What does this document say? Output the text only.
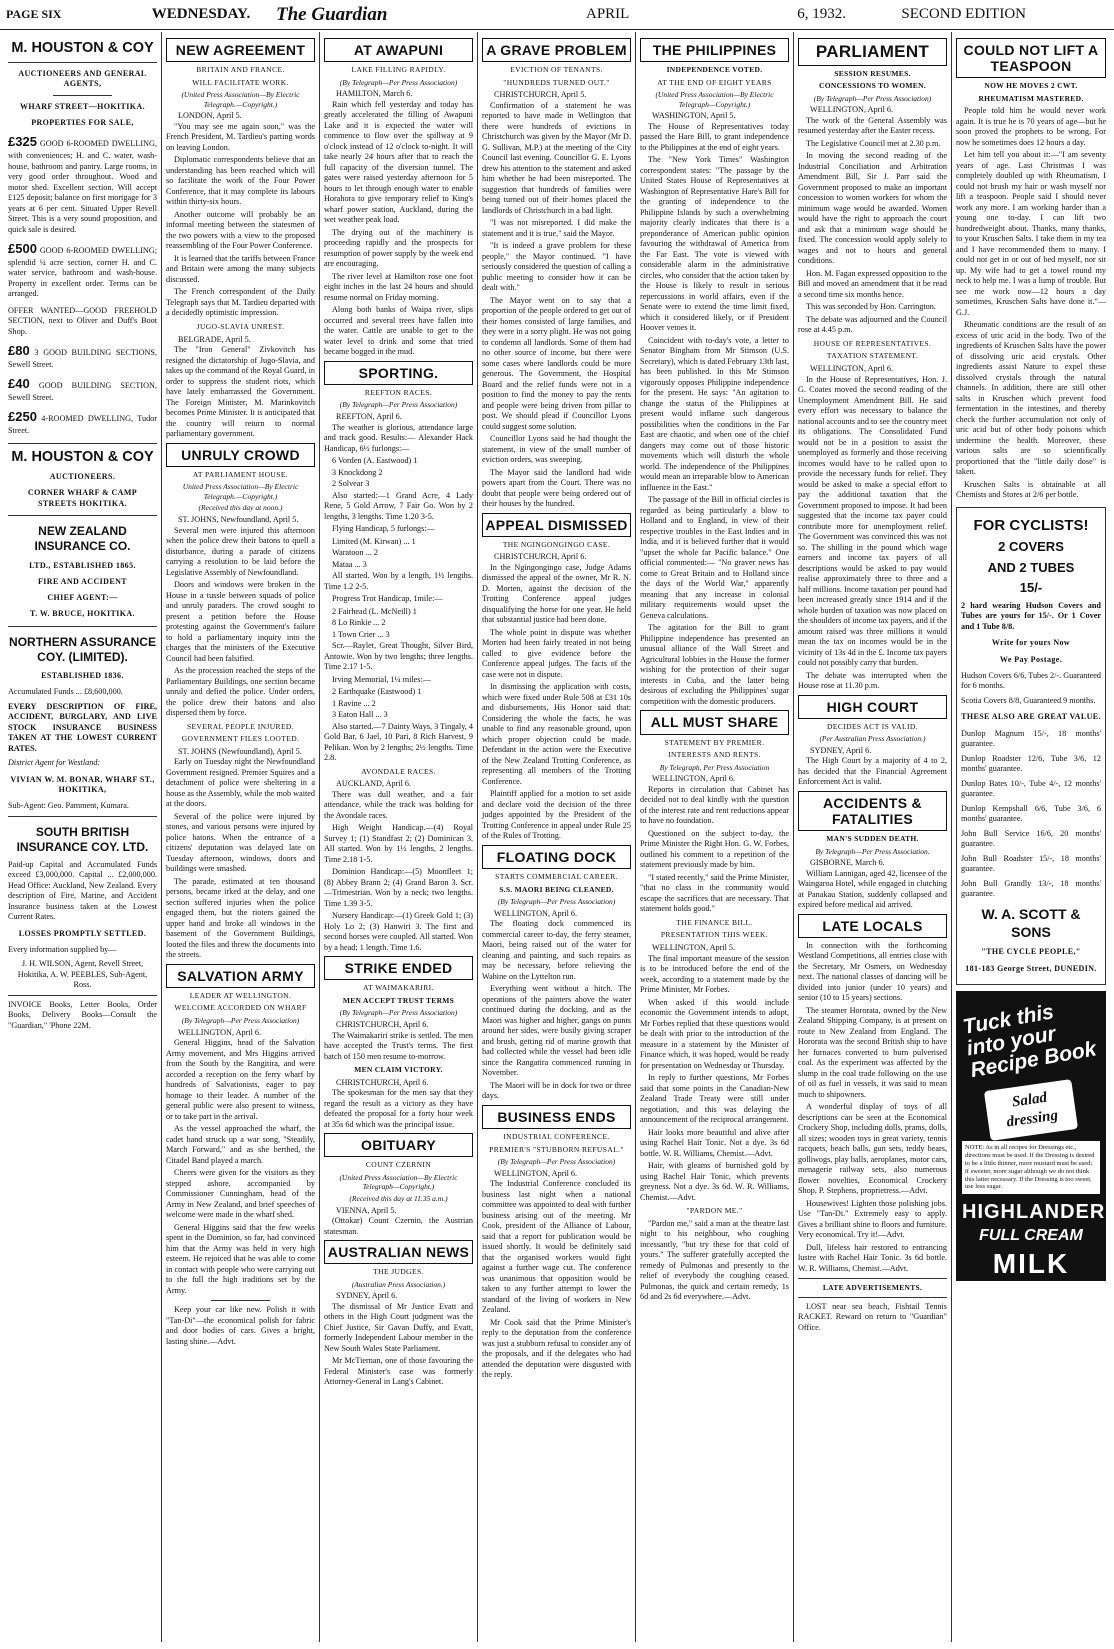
PAGE SIX	WEDNESDAY.	The Guardian	APRIL	6, 1932.	SECOND EDITION
M. HOUSTON & COY
AUCTIONEERS AND GENERAL AGENTS,
WHARF STREET—HOKITIKA.
PROPERTIES FOR SALE,
£325 GOOD 6-ROOMED DWELLING, with conveniences; H. and C. water, wash-house, bathroom and pantry. Large rooms, in very good order throughout. Wood and motor shed. Excellent section. Will accept £125 deposit; balance on first mortgage for 3 years at 6 per cent. Situated Upper Revell Street. This is a very sound proposition, and quick sale is desired.
£500 GOOD 6-ROOMED DWELLING; splendid ¼ acre section, corner H. and C. water service, bathroom and wash-house. Property in excellent order. Terms can be arranged.
OFFER WANTED—GOOD FREEHOLD SECTION, next to Oliver and Duff's Boot Shop.
£80 3 GOOD BUILDING SECTIONS, Sewell Street.
£40 GOOD BUILDING SECTION, Sewell Street.
£250 4-ROOMED DWELLING, Tudor Street.
M. HOUSTON & COY
AUCTIONEERS.
CORNER WHARF & CAMP STREETS HOKITIKA.
NEW ZEALAND INSURANCE CO.
LTD., ESTABLISHED 1865.
FIRE AND ACCIDENT
CHIEF AGENT:—
T. W. BRUCE, HOKITIKA.
NORTHERN ASSURANCE COY. (LIMITED).
ESTABLISHED 1836.
Accumulated Funds ... £8,600,000.
EVERY DESCRIPTION OF FIRE, ACCIDENT, BURGLARY, AND LIVE STOCK INSURANCE BUSINESS TAKEN AT THE LOWEST CURRENT RATES.
District Agent for Westland:
VIVIAN W. M. BONAR, WHARF ST., HOKITIKA,
Sub-Agent: Geo. Pamment, Kumara.
SOUTH BRITISH INSURANCE COY. LTD.
Paid-up Capital and Accumulated Funds exceed £3,000,000. Capital ... £2,000,000. Head Office: Auckland, New Zealand. Every description of Fire, Marine, and Accident Insurance business taken at the Lowest Current Rates.
LOSSES PROMPTLY SETTLED.
Every information supplied by—
J. H. WILSON, Agent, Revell Street, Hokitika, A. W. PEEBLES, Sub-Agent, Ross.
INVOICE Books, Letter Books, Order Books, Delivery Books—Consult the "Guardian," 'Phone 22M.
NEW AGREEMENT
BRITAIN AND FRANCE.
WILL FACILITATE WORK.
(United Press Association—By Electric Telegraph.—Copyright.)
LONDON, April 5.

"You may see me again soon," was the French President, M. Tardieu's parting words on leaving London.

Diplomatic correspondents believe that an understanding has been reached which will so facilitate the work of the Four Power Conference, that it may complete its labours within thirty-six hours.

Another outcome will probably be an informal meeting between the statesmen of the two powers with a view to the proposed reassembling of the Four Power Conference.

It is learned that the tariffs between France and Britain were among the many subjects discussed.

The French correspondent of the Daily Telegraph says that M. Tardieu departed with a decidedly optimistic impression.

JUGO-SLAVIA UNREST.
BELGRADE, April 5.

The "Iron General" Zivkovitch has resigned the dictatorship of Jugo-Slavia, and takes up the command of the Royal Guard, in order to suppress the student riots, which have lately embarrassed the Government. The Foreign Minister, M. Marinkovitch becomes Prime Minister. It is anticipated that the country will return to normal parliamentary government.

UNRULY CROWD
AT PARLIAMENT HOUSE.
United Press Association—By Electric Telegraph.—Copyright.)
(Received this day at noon.)
ST. JOHNS, Newfoundland, April 5.

Several men were injured this afternoon when the police drew their batons to quell a disturbance, during a parade of citizens carrying a resolution to be laid before the Legislative Assembly of Newfoundland.

Doors and windows were broken in the House in a tussle between squads of police and unruly paraders. The crowd sought to present a petition before the House protesting against the Government's failure to hold a parliamentary inquiry into the charges that the ministers of the Executive Council had been falsified.

As the procession reached the steps of the Parliamentary Buildings, one section became unruly and defied the police. Under orders, the police drew their batons and also dispersed them by force.

SEVERAL PEOPLE INJURED.
GOVERNMENT FILES LOOTED.
ST. JOHNS (Newfoundland), April 5.

Early on Tuesday night the Newfoundland Government resigned. Premier Squires and a detachment of police were sheltering in a house as the Assembly, while the mob waited at the doors.

Several of the police were injured by stones, and various persons were injured by police batons. When the entrance of a citizens' deputation was delayed late on Tuesday afternoon, windows, doors and buildings were smashed.

The parade, estimated at ten thousand persons, became irked at the delay, and one section suffered injuries when the police engaged them, but the rioters gained the upper hand and broke all windows in the basement of the Government Buildings, looted the files and threw the documents into the streets.

SALVATION ARMY
LEADER AT WELLINGTON.
WELCOME ACCORDED ON WHARF
(By Telegraph—Per Press Association)
WELLINGTON, April 6.

General Higgins, head of the Salvation Army movement, and Mrs Higgins arrived from the South by the Rangitira, and were accorded a reception on the ferry wharf by hundreds of Salvationists, eager to pay homage to their leader. A number of the general public were also present to witness, or to take part in the arrival.

As the vessel approached the wharf, the cadet band struck up a war song, "Steadily, March Forward," and as she berthed, the Citadel Band played a march.

Cheers were given for the visitors as they stepped ashore, accompanied by Commissioner Cunningham, head of the Army in New Zealand, and brief speeches of welcome were made in the wharf shed.

General Higgins said that the few weeks spent in the Dominion, so far, had convinced him that the Army was held in very high esteem. He rejoiced that he was able to come in contact with people who were carrying out to the full the high traditions set by the Army.

Keep your car like new. Polish it with "Tan-Di"—the economical polish for fabric and door bodies of cars. Gives a bright, lasting shine.—Advt.

AT AWAPUNI
LAKE FILLING RAPIDLY.
(By Telegraph—Per Press Association)
HAMILTON, March 6.

Rain which fell yesterday and today has greatly accelerated the filling of Awapuni Lake and it is expected the water will commence to flow over the spillway at 9 o'clock instead of 12 o'clock to-night. It will take nearly 24 hours after that to reach the full capacity of the diversion tunnel. The gates were raised yesterday afternoon for 5 hours to let through enough water to enable Horahora to give temporary relief to King's wharf power station, Auckland, during the wet weather peak load.

The drying out of the machinery is proceeding rapidly and the prospects for resumption of power supply by the week end are encouraging.

The river level at Hamilton rose one foot eight inches in the last 24 hours and should resume normal on Friday morning.

Along both banks of Waipa river, slips occurred and several trees have fallen into the water. Cattle are unable to get to the water level to drink and some that tried became bogged in the mud.

SPORTING.
REEFTON RACES.
(By Telegraph—Per Press Association)
REEFTON, April 6.

The weather is glorious, attendance large and track good. Results:— Alexander Hack Handicap, 6½ furlongs:—

6 Vorden (A. Eastwood) 1
3 Knockdong 2
2 Solvear 3

Also started:—1 Grand Acre, 4 Lady Rene, 5 Gold Arrow, 7 Fair Go. Won by 2 lengths, 3 lengths. Time 1.20 3-5.

Flying Handicap, 5 furlongs:—

Limited (M. Kirwan) ... 1
Waratoon ... 2
Mataa ... 3

All started. Won by a length, 1½ lengths. Time 1.2 2-5.

Progress Trot Handicap, 1mile:—

2 Fairhead (L. McNeill) 1
8 Lo Rinkie ... 2
1 Town Crier ... 3

Scr.—Raylet, Great Thought, Silver Bird, Antowie. Won by two lengths; three lengths. Time 2.17 1-5.

Irving Memorial, 1¼ miles:—

2 Earthquake (Eastwood) 1
1 Ravine ... 2
3 Eaton Hall ... 3

Also started.—7 Dainty Ways, 3 Tingaly, 4 Gold Bar, 6 Jael, 10 Pari, 8 Rich Harvest, 9 Pelikan. Won by 2 lengths; 2½ lengths. Time 2.8.

AVONDALE RACES.
AUCKLAND, April 6.

There was dull weather, and a fair attendance, while the track was holding for the Avondale races.

High Weight Handicap.—(4) Royal Survey 1; (1) Standfast 2; (2) Dominican 3. All started. Won by 1½ lengths, 2 lengths. Time 2.18 1-5.

Dominion Handicap:—(5) Moonfleet 1; (8) Abbey Brann 2; (4) Grand Baron 3. Scr.—Trimestrian. Won by a neck; two lengths. Time 1.39 3-5.

Nursery Handicap:—(1) Greek Gold 1; (3) Holy Lo 2; (3) Hanwiri 3. The first and second horses were coupled. All started. Won by a head; 1 length. Time 1.6.

STRIKE ENDED
AT WAIMAKARIRI.
MEN ACCEPT TRUST TERMS
(By Telegraph—Per Press Association)
CHRISTCHURCH, April 6.

The Waimakariri strike is settled. The men have accepted the Trust's terms. The first batch of 150 men resume to-morrow.

MEN CLAIM VICTORY.
CHRISTCHURCH, April 6.

The spokesman for the men say that they regard the result as a victory as they have defeated the proposal for a forty hour week at 35s 6d which was the principal issue.

OBITUARY
COUNT CZERNIN
(United Press Association—By Electric Telegraph—Copyright.)
(Received this day at 11.35 a.m.)
VIENNA, April 5.

(Ottokar) Count Czernin, the Austrian statesman.

AUSTRALIAN NEWS
THE JUDGES.
(Australian Press Association.)
SYDNEY, April 6.

The dismissal of Mr Justice Evatt and others in the High Court judgment was the Chief Justice, Sir Gavan Duffy, and Evatt, formerly Independent Labour member in the New South Wales State Parliament.

Mr McTiernan, one of those favouring the Federal Minister's case was formerly Attorney-General in Lang's Cabinet.

A GRAVE PROBLEM
EVICTION OF TENANTS.
"HUNDREDS TURNED OUT."
CHRISTCHURCH, April 5.

Confirmation of a statement he was reported to have made in Wellington that there were hundreds of evictions in Christchurch was given by the Mayor (Mr D. G. Sullivan, M.P.) at the meeting of the City Council last evening. Councillor G. E. Lyons drew his attention to the statement and asked him whether he had been misreported. The suggestion that hundreds of families were being turned out of their homes placed the landlords of Christchurch in a bad light.

"I was not misreported. I did make the statement and it is true," said the Mayor.

"It is indeed a grave problem for these people," the Mayor continued. "I have seriously considered the question of calling a public meeting to consider how it can be dealt with."

The Mayor went on to say that a proportion of the people ordered to get out of their homes consisted of large families, and they were in a sorry plight. He was not going to condemn all landlords. Some of them had no other source of income, but there were some cases where landlords could be more generous. The Government, the Hospital Board and the relief funds were not in a position to find the money to pay the rents and people were being driven from pillar to post. We should plead if Councillor Lyons could suggest some solution.

Councillor Lyons said he had thought the statement, in view of the small number of eviction orders, was sweeping.

The Mayor said the landlord had wide powers apart from the Court. There was no doubt that people were being ordered out of their houses by the hundred.

APPEAL DISMISSED
THE NGINGONGINGO CASE.
CHRISTCHURCH, April 6.

In the Ngingongingo case, Judge Adams dismissed the appeal of the owner, Mr R. N. D. Morten, against the decision of the Trotting Conference appeal judges disqualifying the horse for one year. He held that substantial justice had been done.

The whole point in dispute was whether Morten had been fairly treated in not being called to give evidence before the Conference appeal judges. The facts of the case were not in dispute.

In dismissing the application with costs, which were fixed under Rule 508 at £31 10s and disbursements, His Honor said that: Considering the whole the facts, he was unable to find any reasonable ground, upon which proper objection could be made. Defendant in the action were the Executive of the New Zealand Trotting Conference, as representing all members of the Trotting Conference.

Plaintiff applied for a motion to set aside and declare void the decision of the three judges appointed by the President of the Trotting Conference in appeal under Rule 25 of the Rules of Trotting.

FLOATING DOCK
STARTS COMMERCIAL CAREER.
S.S. MAORI BEING CLEANED.
(By Telegraph—Per Press Association)
WELLINGTON, April 6.

The floating dock commenced its commercial career to-day, the ferry steamer, Maori, being raised out of the water for cleaning and painting, and such repairs as may be necessary, before relieving the Wahine on the Lyttelton run.

Everything went without a hitch. The operations of the painters above the water continued during the docking, and as the Maori was higher and higher, gangs on punts around her sides, were busily giving scraper and brush, getting rid of marine growth that had collected while the vessel had been idle since the Rangatira commenced running in November.

The Maori will be in dock for two or three days.

BUSINESS ENDS
INDUSTRIAL CONFERENCE.
PREMIER'S "STUBBORN REFUSAL."
(By Telegraph—Per Press Association)
WELLINGTON, April 6.

The Industrial Conference concluded its business last night when a national committee was appointed to deal with further business arising out of the meeting. Mr Cook, president of the Alliance of Labour, said that a report for publication would be issued shortly. It would be definitely said that the organised workers would fight against a further wage cut. The conference was unanimous that opposition would be taken to any further attempt to lower the standard of the living of workers in New Zealand.

Mr Cook said that the Prime Minister's reply to the deputation from the conference was just a stubborn refusal to consider any of the proposals, and if the delegates who had attended the deputation were disgusted with the reply.

THE PHILIPPINES
INDEPENDENCE VOTED.
AT THE END OF EIGHT YEARS
(United Press Association—By Electric Telegraph—Copyright.)
WASHINGTON, April 5.

The House of Representatives today passed the Hare Bill, to grant independence to the Philippines at the end of eight years.

The "New York Times" Washington correspondent states: "The passage by the United States House of Representatives at Washington of Representative Hare's Bill for the granting of independence to the Philippine Islands by such a overwhelming majority clearly indicates that there is a preponderance of American public opinion favouring the withdrawal of America from the Far East. The vote is viewed with considerable alarm in the administrative circles, who consider that the action taken by the House is likely to result in serious repercussions in world affairs, even if the Senate were to extend the time limit fixed, which it considered likely, or if President Hoover vetoes it.

Coincident with to-day's vote, a letter to Senator Bingham from Mr Stimson (U.S. Secretary), which is dated February 13th last, has been published. In this Mr Stimson vigorously opposes Philippine independence for the present. He says: "An agitation to change the status of the Philippines at present would inflame such dangerous possibilities when the conditions in the Far East are chaotic, and when one of the chief dangers may come out of those historic movements which will disturb the whole world. The independence of the Philippines would mean an irreparable blow to American influence in the East."

The passage of the Bill in official circles is regarded as being particularly a blow to Holland and to England, in view of their respective troubles in the East Indies and in India, and it is believed further that it would "upset the whole far Pacific balance." One official commented:— "No graver news has come to Great Britain and to Holland since the days of the World War," apparently meaning that any increase in colonial military requirements would upset the Geneva calculations.

The agitation for the Bill to grant Philippine independence has presented an unusual alliance of the Wall Street and Agricultural lobbies in the House the former wishing for the protection of their sugar interests in Cuba, and the latter being desirous of excluding the Philippines' sugar competition with the domestic producers.

ALL MUST SHARE
STATEMENT BY PREMIER.
INTERESTS AND RENTS.
By Telegraph, Per Press Association
WELLINGTON, April 6.

Reports in circulation that Cabinet has decided not to deal kindly with the question of the interest rate and rent reductions appear to have no foundation.

Questioned on the subject to-day, the Prime Minister the Right Hon. G. W. Forbes, outlined his comment to a repetition of the statement previously made by him.

"I stated recently," said the Prime Minister, "that no class in the community would escape the sacrifices that are necessary. That statement holds good."

THE FINANCE BILL.
PRESENTATION THIS WEEK.
WELLINGTON, April 5.

The final important measure of the session is to be introduced before the end of the week, according to a statement made by the Prime Minister, Mr Forbes.

When asked if this would include economic the Government intends to adopt, Mr Forbes replied that these questions would be dealt with prior to the introduction of the measure in a statement by the Minister of Finance which, it was hoped, would be ready for presentation on Wednesday or Thursday.

In reply to further questions, Mr Forbes said that some points in the Canadian-New Zealand Trade Treaty were still under negotiation, and this was delaying the announcement of the reciprocal arrangement.

Hair looks more beautiful and alive after using Rachel Hair Tonic. Not a dye. 3s 6d bottle. W. R. Williams, Chemist.—Advt.

Hair, with gleams of burnished gold by using Rachel Hair Tonic, which prevents greyness. Not a dye. 3s 6d. W. R. Williams, Chemist.—Advt.

"PARDON ME."

"Pardon me," said a man at the theatre last night to his neighbour, who coughing incessantly, "but try these for that cold of yours." The sufferer gratefully accepted the remedy of Pulmonas and presently to the relief of everybody the coughing ceased. Pulmonas, the quick and certain remedy, 1s 6d and 2s 6d everywhere.—Advt.

PARLIAMENT
SESSION RESUMES.
CONCESSIONS TO WOMEN.
(By Telegraph—Per Press Association)
WELLINGTON, April 6.

The work of the General Assembly was resumed yesterday after the Easter recess.

The Legislative Council met at 2.30 p.m.

In moving the second reading of the Industrial Conciliation and Arbitration Amendment Bill, Sir J. Parr said the Government proposed to make an important concession to women workers for whom the minimum wage would be awarded. Women would have the right to approach the court and ask that a minimum wage should be fixed. The concession would apply solely to wages and not to hours and general conditions.

Hon. M. Fagan expressed opposition to the Bill and moved an amendment that it be read a second time six months hence.

This was seconded by Hon. Carrington.

The debate was adjourned and the Council rose at 4.45 p.m.

HOUSE OF REPRESENTATIVES.
TAXATION STATEMENT.
WELLINGTON, April 6.

In the House of Representatives, Hon. J. G. Coates moved the second reading of the Unemployment Amendment Bill. He said every effort was necessary to balance the national accounts and to see the country meet its obligations. The Consolidated Fund would not be in a position to assist the unemployed as formerly and those receiving incomes would have to be called upon to provide the necessary funds for relief. They would be asked to make a special effort to pay the additional taxation that the Government proposed to impose. It had been suggested that the income tax payer could contribute more for unemployment relief. The Government was convinced this was not so. The shilling in the pound which wage earners and income tax payers of all descriptions would be asked to pay would realise approximately three to three and a half millions. Income taxation per pound had been increased greatly since 1914 and if the whole burden of taxation was now placed on the shoulders of income tax payers, and if the amount raised was three millions it would mean the tax on incomes would be in the vicinity of 13s 4d in the £. Income tax payers could not possibly carry that burden.

The debate was interrupted when the House rose at 11.30 p.m.

HIGH COURT
DECIDES ACT IS VALID.
(Per Australian Press Association.)
SYDNEY, April 6.

The High Court by a majority of 4 to 2, has decided that the Financial Agreement Enforcement Act is valid.

ACCIDENTS & FATALITIES
MAN'S SUDDEN DEATH.
By Telegraph—Per Press Association.
GISBORNE, March 6.

William Lannigan, aged 42, licensee of the Waingaroa Hotel, while engaged in clutching at Panakau Station, suddenly collapsed and expired before medical aid arrived.

LATE LOCALS

In connection with the forthcoming Westland Competitions, all entries close with the Secretary, Mr Osmers, on Wednesday next. The national classes of dancing will be divided into junior (under 10 years) and senior (10 to 15 years) sections.

The steamer Hororata, owned by the New Zealand Shipping Company, is at present on route to New Zealand from England. The Hororata was the second British ship to have her furnaces converted to burn pulverised coal. As the experiment was affected by the slump in the coal trade following on the use of oil as fuel in vessels, it was said to mean much to shipowners.

A wonderful display of toys of all descriptions can be seen at the Economical Crockery Shop, including dolls, prams, dolls, all sizes; wooden toys in great variety, tennis racquets, beach balls, gun sets, teddy bears, golliwogs, play balls, aeroplanes, motor cars, menagerie railway sets, also numerous flower novelties, Economical Crockery Shop, P. Stephens, proprietress.—Advt.

Housewives! Lighten those polishing jobs. Use "Tan-Di." Extremely easy to apply. Gives a brilliant shine to floors and furniture. Very economical. Try it!—Advt.

Dull, lifeless hair restored to entrancing lustre with Rachel Hair Tonic. 3s 6d bottle. W. R. Williams, Chemist.—Advt.

LATE ADVERTISEMENTS.

LOST near sea beach, Fishtail Tennis RACKET. Reward on return to "Guardian" Office.

COULD NOT LIFT A TEASPOON
NOW HE MOVES 2 CWT.
RHEUMATISM MASTERED.

People told him he would never work again. It is true he is 70 years of age—but he soon proved the prophets to be wrong. For now he sometimes does 12 hours a day.

Let him tell you about it:—"I am seventy years of age. Last Christmas I was completely doubled up with Rheumatism, I could not brush my hair or wash myself nor lift a teaspoon. People said I should never work any more. I am working harder than a young one to-day. I can lift two hundredweight about. Thanks, many thanks, to your Kruschen Salts. I take them in my tea and I have recommended them to many. I could not get in or out of bed myself, nor sit up. My wife had to get a towel round my neck to help me. I was a lump of trouble. But see me work now—12 hours a day sometimes, Kruschen Salts have done it."—G.J.

Rheumatic conditions are the result of an excess of uric acid in the body. Two of the ingredients of Kruschen Salts have the power of dissolving uric acid crystals. Other ingredients assist Nature to expel these dissolved crystals through the natural channels. In addition, there are still other salts in Kruschen which prevent food fermentation in the intestines, and thereby check the further accumulation not only of uric acid but of other body poisons which undermine the health. Moreover, these various salts are so scientifically proportioned that the "little daily dose" is taken.

Kruschen Salts is obtainable at all Chemists and Stores at 2/6 per bottle.

FOR CYCLISTS!
2 COVERS
AND 2 TUBES
15/-
2 hard wearing Hudson Covers and Tubes are yours for 15/-. Or 1 Cover and 1 Tube 8/8.
Write for yours Now
We Pay Postage.
Hudson Covers 6/6, Tubes 2/-. Guaranteed for 6 months.
Scotia Covers 8/8, Guaranteed 9 months.
THESE ALSO ARE GREAT VALUE.
Dunlop Magnum 15/-, 18 months' guarantee.
Dunlop Roadster 12/6, Tube 3/6, 12 months' guarantee.
Dunlop Bates 10/-, Tube 4/-, 12 months' guarantee.
Dunlop Kempshall 6/6, Tube 3/6, 6 months' guarantee.
John Bull Service 16/6, 20 months' guarantee.
John Bull Roadster 15/-, 18 months' guarantee.
John Bull Grandly 13/-, 18 months' guarantee.
W. A. SCOTT & SONS
"THE CYCLE PEOPLE,"
181-183 George Street, DUNEDIN.
Tuck this into your Recipe Book
Salad dressing
NOTE: As in all recipes for Dressings etc., directions must be used. If the Dressing is desired to be a little thinner, more mustard must be used; if sweeter, more sugar although we do not think this latter necessary. If the Dressing is too sweet, use less sugar.
HIGHLANDER
FULL CREAM
MILK
